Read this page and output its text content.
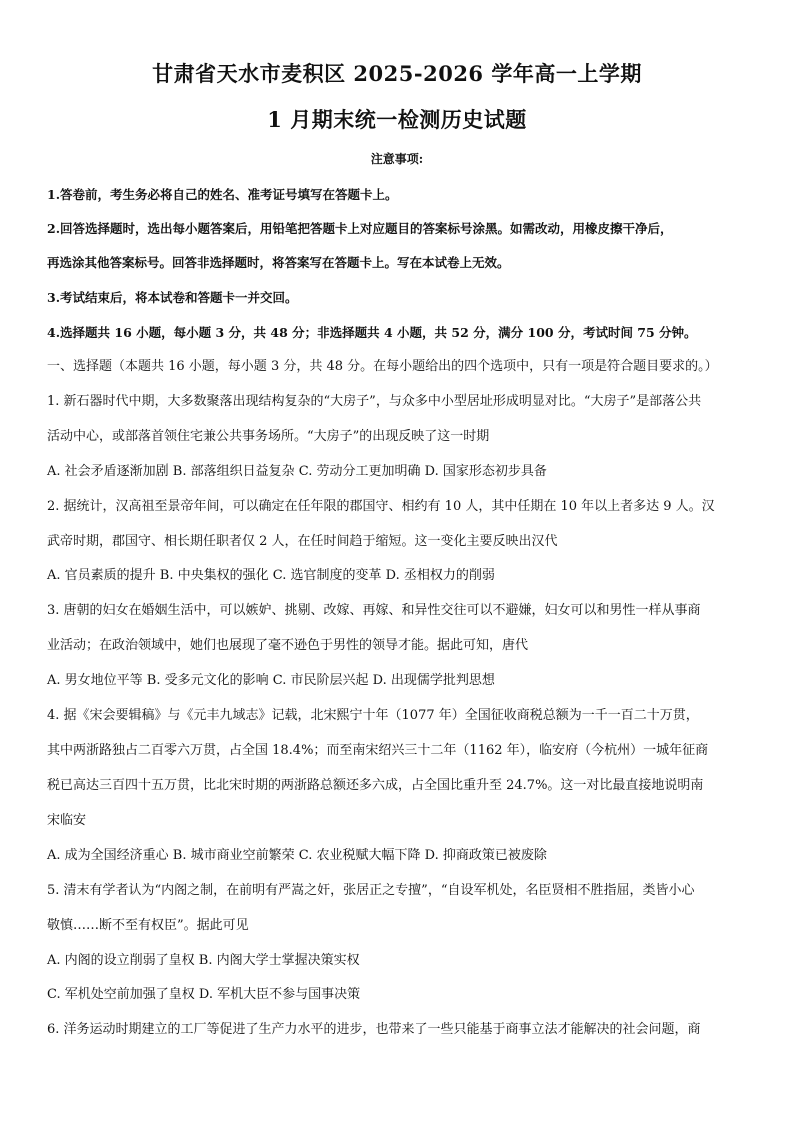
甘肃省天水市麦积区 2025-2026 学年高一上学期
1 月期末统一检测历史试题
注意事项:
1.答卷前，考生务必将自己的姓名、准考证号填写在答题卡上。
2.回答选择题时，选出每小题答案后，用铅笔把答题卡上对应题目的答案标号涂黑。如需改动，用橡皮擦干净后，
再选涂其他答案标号。回答非选择题时，将答案写在答题卡上。写在本试卷上无效。
3.考试结束后，将本试卷和答题卡一并交回。
4.选择题共 16 小题，每小题 3 分，共 48 分；非选择题共 4 小题，共 52 分，满分 100 分，考试时间 75 分钟。
一、选择题（本题共 16 小题，每小题 3 分，共 48 分。在每小题给出的四个选项中，只有一项是符合题目要求的。）
1. 新石器时代中期，大多数聚落出现结构复杂的“大房子”，与众多中小型居址形成明显对比。“大房子”是部落公共
活动中心，或部落首领住宅兼公共事务场所。“大房子”的出现反映了这一时期
A. 社会矛盾逐渐加剧 B. 部落组织日益复杂 C. 劳动分工更加明确 D. 国家形态初步具备
2. 据统计，汉高祖至景帝年间，可以确定在任年限的郡国守、相约有 10 人，其中任期在 10 年以上者多达 9 人。汉
武帝时期，郡国守、相长期任职者仅 2 人，在任时间趋于缩短。这一变化主要反映出汉代
A. 官员素质的提升 B. 中央集权的强化 C. 选官制度的变革 D. 丞相权力的削弱
3. 唐朝的妇女在婚姻生活中，可以嫉妒、挑剔、改嫁、再嫁、和异性交往可以不避嫌，妇女可以和男性一样从事商
业活动；在政治领域中，她们也展现了毫不逊色于男性的领导才能。据此可知，唐代
A. 男女地位平等 B. 受多元文化的影响 C. 市民阶层兴起 D. 出现儒学批判思想
4. 据《宋会要辑稿》与《元丰九域志》记载，北宋熙宁十年（1077 年）全国征收商税总额为一千一百二十万贯，
其中两浙路独占二百零六万贯，占全国 18.4%；而至南宋绍兴三十二年（1162 年），临安府（今杭州）一城年征商
税已高达三百四十五万贯，比北宋时期的两浙路总额还多六成，占全国比重升至 24.7%。这一对比最直接地说明南
宋临安
A. 成为全国经济重心 B. 城市商业空前繁荣 C. 农业税赋大幅下降 D. 抑商政策已被废除
5. 清末有学者认为“内阁之制，在前明有严嵩之奸，张居正之专擅”，“自设军机处，名臣贤相不胜指屈，类皆小心
敬慎……断不至有权臣”。据此可见
A. 内阁的设立削弱了皇权 B. 内阁大学士掌握决策实权
C. 军机处空前加强了皇权 D. 军机大臣不参与国事决策
6. 洋务运动时期建立的工厂等促进了生产力水平的进步，也带来了一些只能基于商事立法才能解决的社会问题，商
